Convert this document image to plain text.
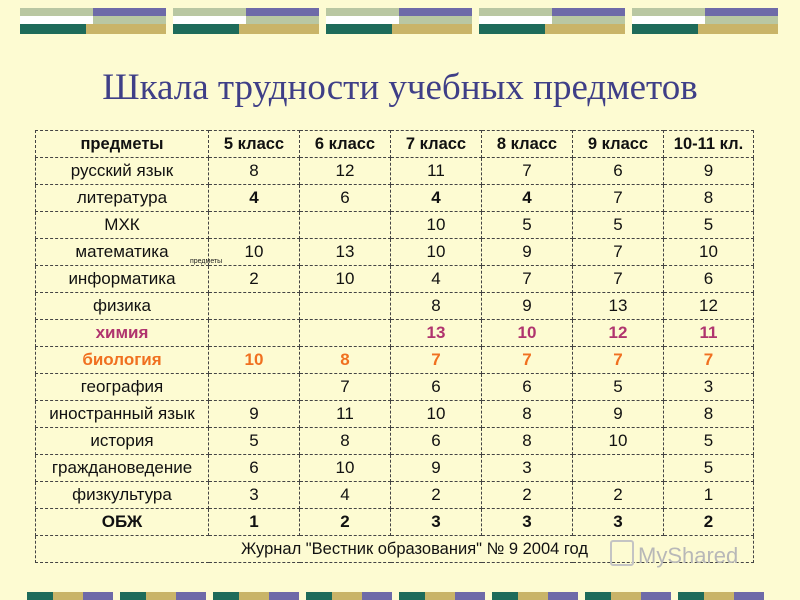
Шкала трудности учебных предметов
предметы	5 класс	6 класс	7 класс	8 класс	9 класс	10-11 кл.
русский язык	8	12	11	7	6	9
литература	4	6	4	4	7	8
МХК			10	5	5	5
математика	10	13	10	9	7	10
информатика	2	10	4	7	7	6
физика			8	9	13	12
химия			13	10	12	11
биология	10	8	7	7	7	7
география		7	6	6	5	3
иностранный язык	9	11	10	8	9	8
история	5	8	6	8	10	5
граждановедение	6	10	9	3		5
физкультура	3	4	2	2	2	1
ОБЖ	1	2	3	3	3	2
Журнал "Вестник образования" № 9 2004 год						
предметы
MyShared
